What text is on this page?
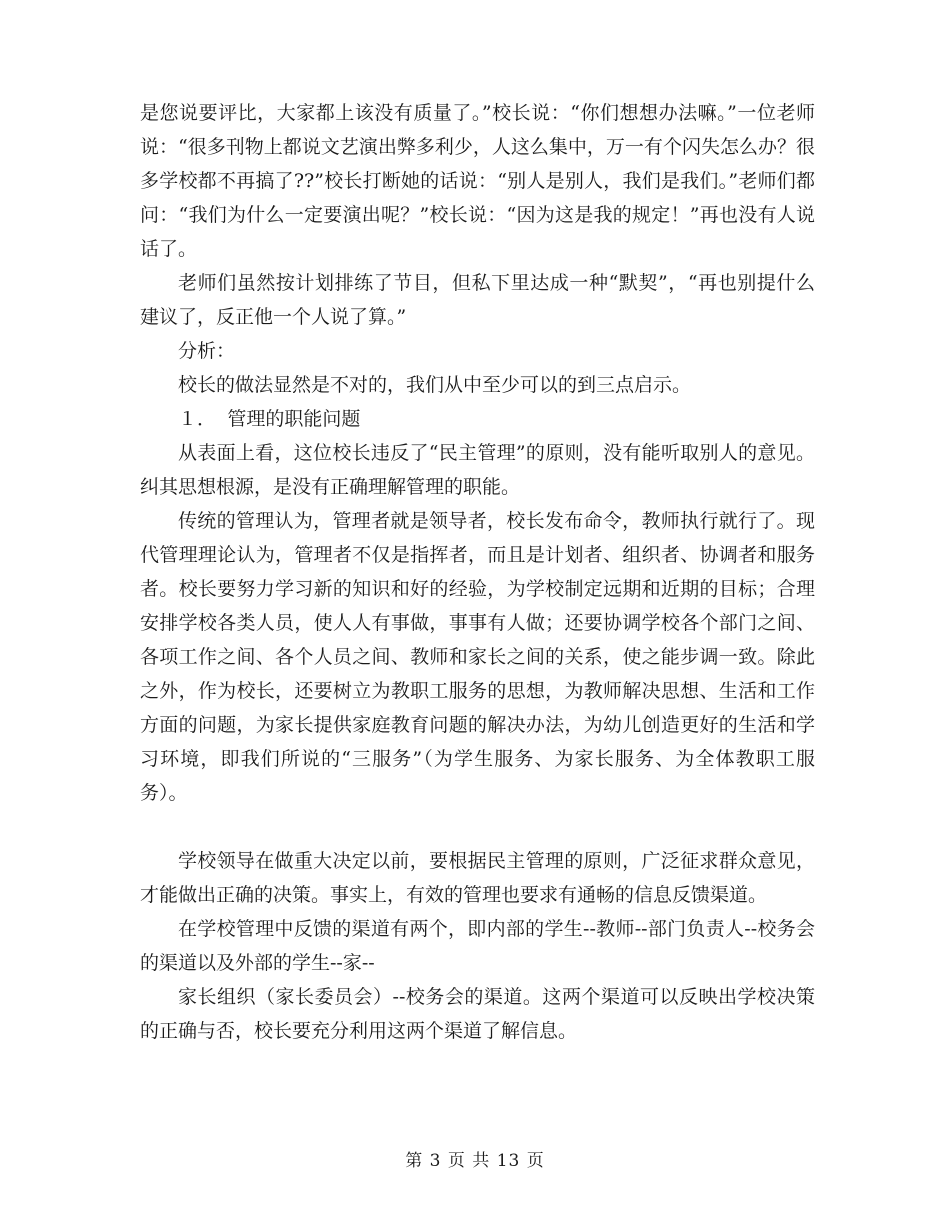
是您说要评比，大家都上该没有质量了。”校长说：“你们想想办法嘛。”一位老师说：“很多刊物上都说文艺演出弊多利少，人这么集中，万一有个闪失怎么办？很多学校都不再搞了??”校长打断她的话说：“别人是别人，我们是我们。”老师们都问：“我们为什么一定要演出呢？”校长说：“因为这是我的规定！”再也没有人说话了。

老师们虽然按计划排练了节目，但私下里达成一种“默契”，“再也别提什么建议了，反正他一个人说了算。”

分析：

校长的做法显然是不对的，我们从中至少可以的到三点启示。

１． 管理的职能问题

从表面上看，这位校长违反了“民主管理”的原则，没有能听取别人的意见。纠其思想根源，是没有正确理解管理的职能。

传统的管理认为，管理者就是领导者，校长发布命令，教师执行就行了。现代管理理论认为，管理者不仅是指挥者，而且是计划者、组织者、协调者和服务者。校长要努力学习新的知识和好的经验，为学校制定远期和近期的目标；合理安排学校各类人员，使人人有事做，事事有人做；还要协调学校各个部门之间、各项工作之间、各个人员之间、教师和家长之间的关系，使之能步调一致。除此之外，作为校长，还要树立为教职工服务的思想，为教师解决思想、生活和工作方面的问题，为家长提供家庭教育问题的解决办法，为幼儿创造更好的生活和学习环境，即我们所说的“三服务”（为学生服务、为家长服务、为全体教职工服务）。

学校领导在做重大决定以前，要根据民主管理的原则，广泛征求群众意见，才能做出正确的决策。事实上，有效的管理也要求有通畅的信息反馈渠道。

在学校管理中反馈的渠道有两个，即内部的学生--教师--部门负责人--校务会的渠道以及外部的学生--家--

家长组织（家长委员会）--校务会的渠道。这两个渠道可以反映出学校决策的正确与否，校长要充分利用这两个渠道了解信息。

第 3 页 共 13 页
